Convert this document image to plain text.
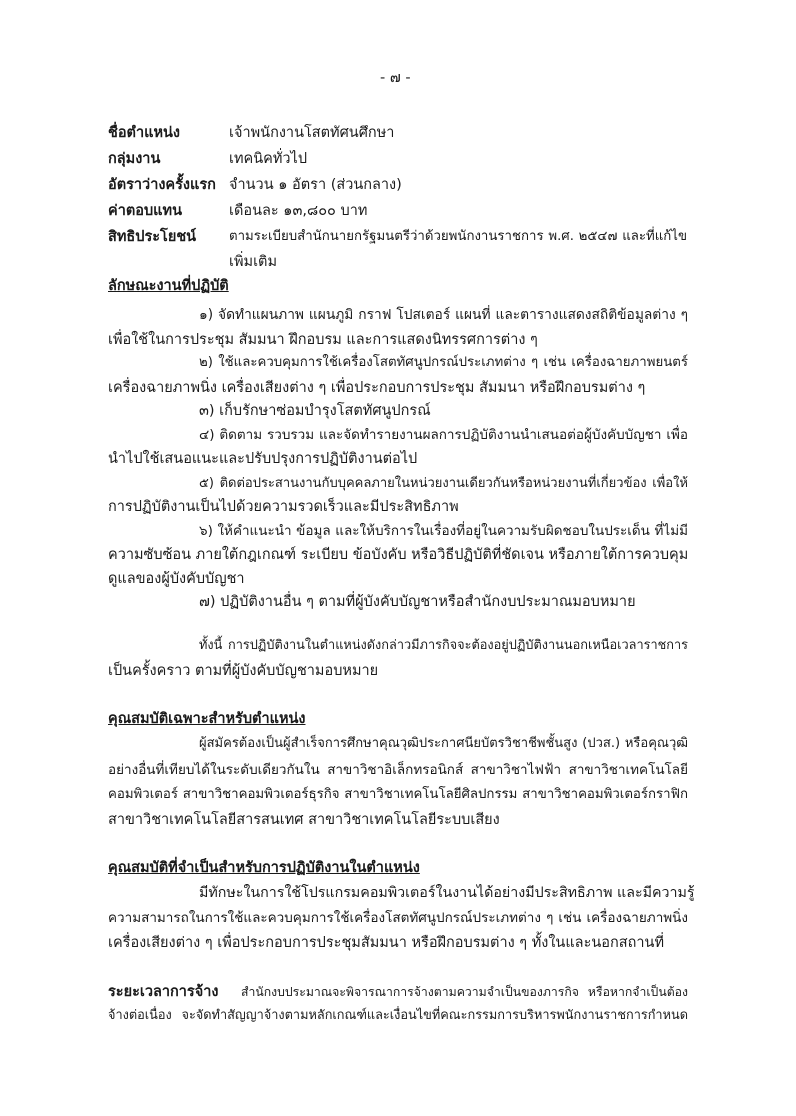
- ๗ -
ชื่อตำแหน่ง	เจ้าพนักงานโสตทัศนศึกษา
กลุ่มงาน	เทคนิคทั่วไป
อัตราว่างครั้งแรก จำนวน ๑ อัตรา (ส่วนกลาง)
ค่าตอบแทน	เดือนละ ๑๓,๘๐๐ บาท
สิทธิประโยชน์ ตามระเบียบสำนักนายกรัฐมนตรีว่าด้วยพนักงานราชการ พ.ศ. ๒๕๔๗ และที่แก้ไข
เพิ่มเติม
ลักษณะงานที่ปฏิบัติ
๑) จัดทำแผนภาพ แผนภูมิ กราฟ โปสเตอร์ แผนที่ และตารางแสดงสถิติข้อมูลต่าง ๆ
เพื่อใช้ในการประชุม สัมมนา ฝึกอบรม และการแสดงนิทรรศการต่าง ๆ
๒) ใช้และควบคุมการใช้เครื่องโสตทัศนูปกรณ์ประเภทต่าง ๆ เช่น เครื่องฉายภาพยนตร์
เครื่องฉายภาพนิ่ง เครื่องเสียงต่าง ๆ เพื่อประกอบการประชุม สัมมนา หรือฝึกอบรมต่าง ๆ
๓) เก็บรักษาซ่อมบำรุงโสตทัศนูปกรณ์
๔) ติดตาม รวบรวม และจัดทำรายงานผลการปฏิบัติงานนำเสนอต่อผู้บังคับบัญชา เพื่อ
นำไปใช้เสนอแนะและปรับปรุงการปฏิบัติงานต่อไป
๕) ติดต่อประสานงานกับบุคคลภายในหน่วยงานเดียวกันหรือหน่วยงานที่เกี่ยวข้อง เพื่อให้
การปฏิบัติงานเป็นไปด้วยความรวดเร็วและมีประสิทธิภาพ
๖) ให้คำแนะนำ ข้อมูล และให้บริการในเรื่องที่อยู่ในความรับผิดชอบในประเด็น ที่ไม่มี
ความซับซ้อน ภายใต้กฎเกณฑ์ ระเบียบ ข้อบังคับ หรือวิธีปฏิบัติที่ชัดเจน หรือภายใต้การควบคุม
ดูแลของผู้บังคับบัญชา
๗) ปฏิบัติงานอื่น ๆ ตามที่ผู้บังคับบัญชาหรือสำนักงบประมาณมอบหมาย
ทั้งนี้ การปฏิบัติงานในตำแหน่งดังกล่าวมีภารกิจจะต้องอยู่ปฏิบัติงานนอกเหนือเวลาราชการ
เป็นครั้งคราว ตามที่ผู้บังคับบัญชามอบหมาย
คุณสมบัติเฉพาะสำหรับตำแหน่ง
ผู้สมัครต้องเป็นผู้สำเร็จการศึกษาคุณวุฒิประกาศนียบัตรวิชาชีพชั้นสูง (ปวส.) หรือคุณวุฒิ
อย่างอื่นที่เทียบได้ในระดับเดียวกันใน สาขาวิชาอิเล็กทรอนิกส์ สาขาวิชาไฟฟ้า สาขาวิชาเทคโนโลยี
คอมพิวเตอร์ สาขาวิชาคอมพิวเตอร์ธุรกิจ สาขาวิชาเทคโนโลยีศิลปกรรม สาขาวิชาคอมพิวเตอร์กราฟิก
สาขาวิชาเทคโนโลยีสารสนเทศ สาขาวิชาเทคโนโลยีระบบเสียง
คุณสมบัติที่จำเป็นสำหรับการปฏิบัติงานในตำแหน่ง
มีทักษะในการใช้โปรแกรมคอมพิวเตอร์ในงานได้อย่างมีประสิทธิภาพ และมีความรู้
ความสามารถในการใช้และควบคุมการใช้เครื่องโสตทัศนูปกรณ์ประเภทต่าง ๆ เช่น เครื่องฉายภาพนิ่ง
เครื่องเสียงต่าง ๆ เพื่อประกอบการประชุมสัมมนา หรือฝึกอบรมต่าง ๆ ทั้งในและนอกสถานที่
ระยะเวลาการจ้าง สำนักงบประมาณจะพิจารณาการจ้างตามความจำเป็นของภารกิจ หรือหากจำเป็นต้อง
จ้างต่อเนื่อง จะจัดทำสัญญาจ้างตามหลักเกณฑ์และเงื่อนไขที่คณะกรรมการบริหารพนักงานราชการกำหนด
